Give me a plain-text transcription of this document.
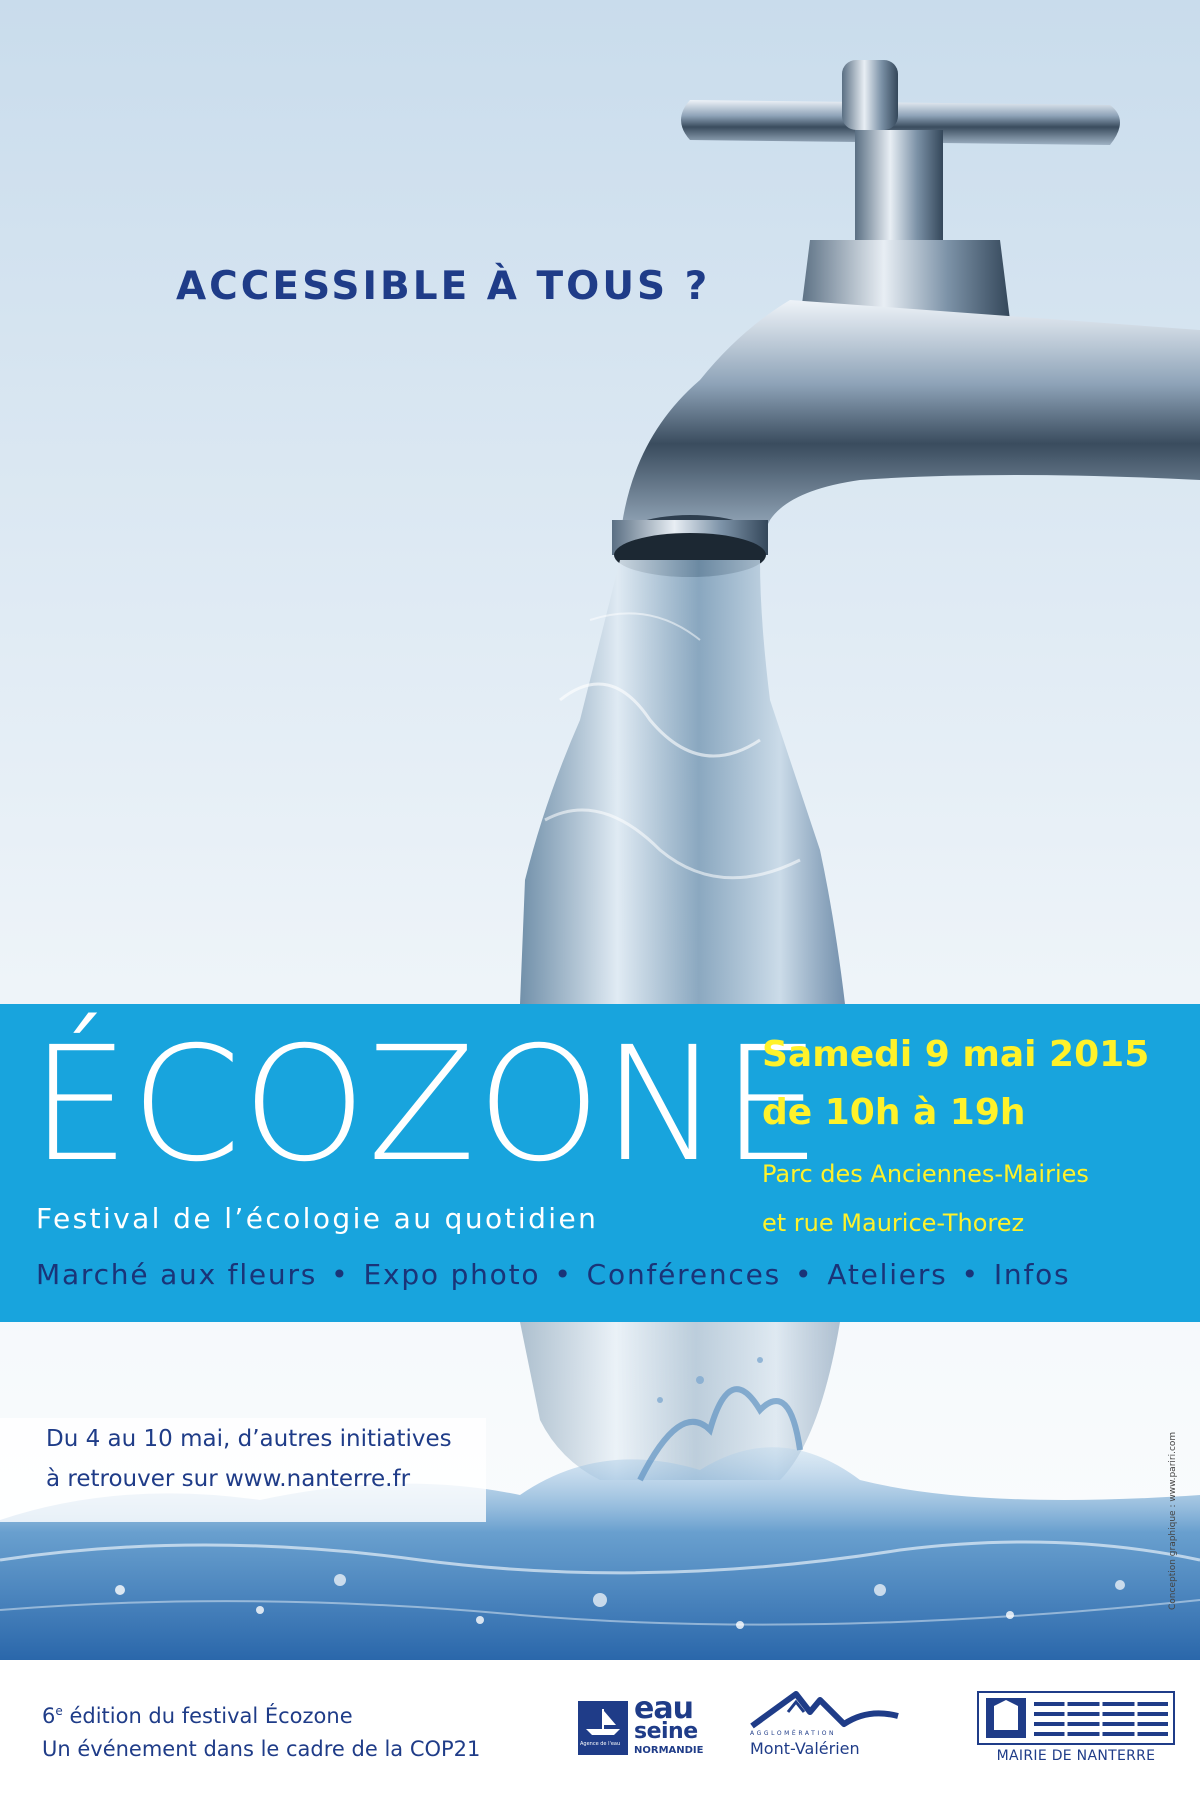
ACCESSIBLE À TOUS ?
ÉCOZONE
Festival de l’écologie au quotidien
Samedi 9 mai 2015
de 10h à 19h
Parc des Anciennes-Mairies
et rue Maurice-Thorez
Marché aux fleurs • Expo photo • Conférences • Ateliers • Infos
Du 4 au 10 mai, d’autres initiatives
à retrouver sur www.nanterre.fr	Conception graphique : www.pariri.com
6e édition du festival Écozone
Un événement dans le cadre de la COP21	Agence de l'eau
eau
seine
NORMANDIE
AGGLOMÉRATION
Mont-Valérien	MAIRIE DE NANTERRE
